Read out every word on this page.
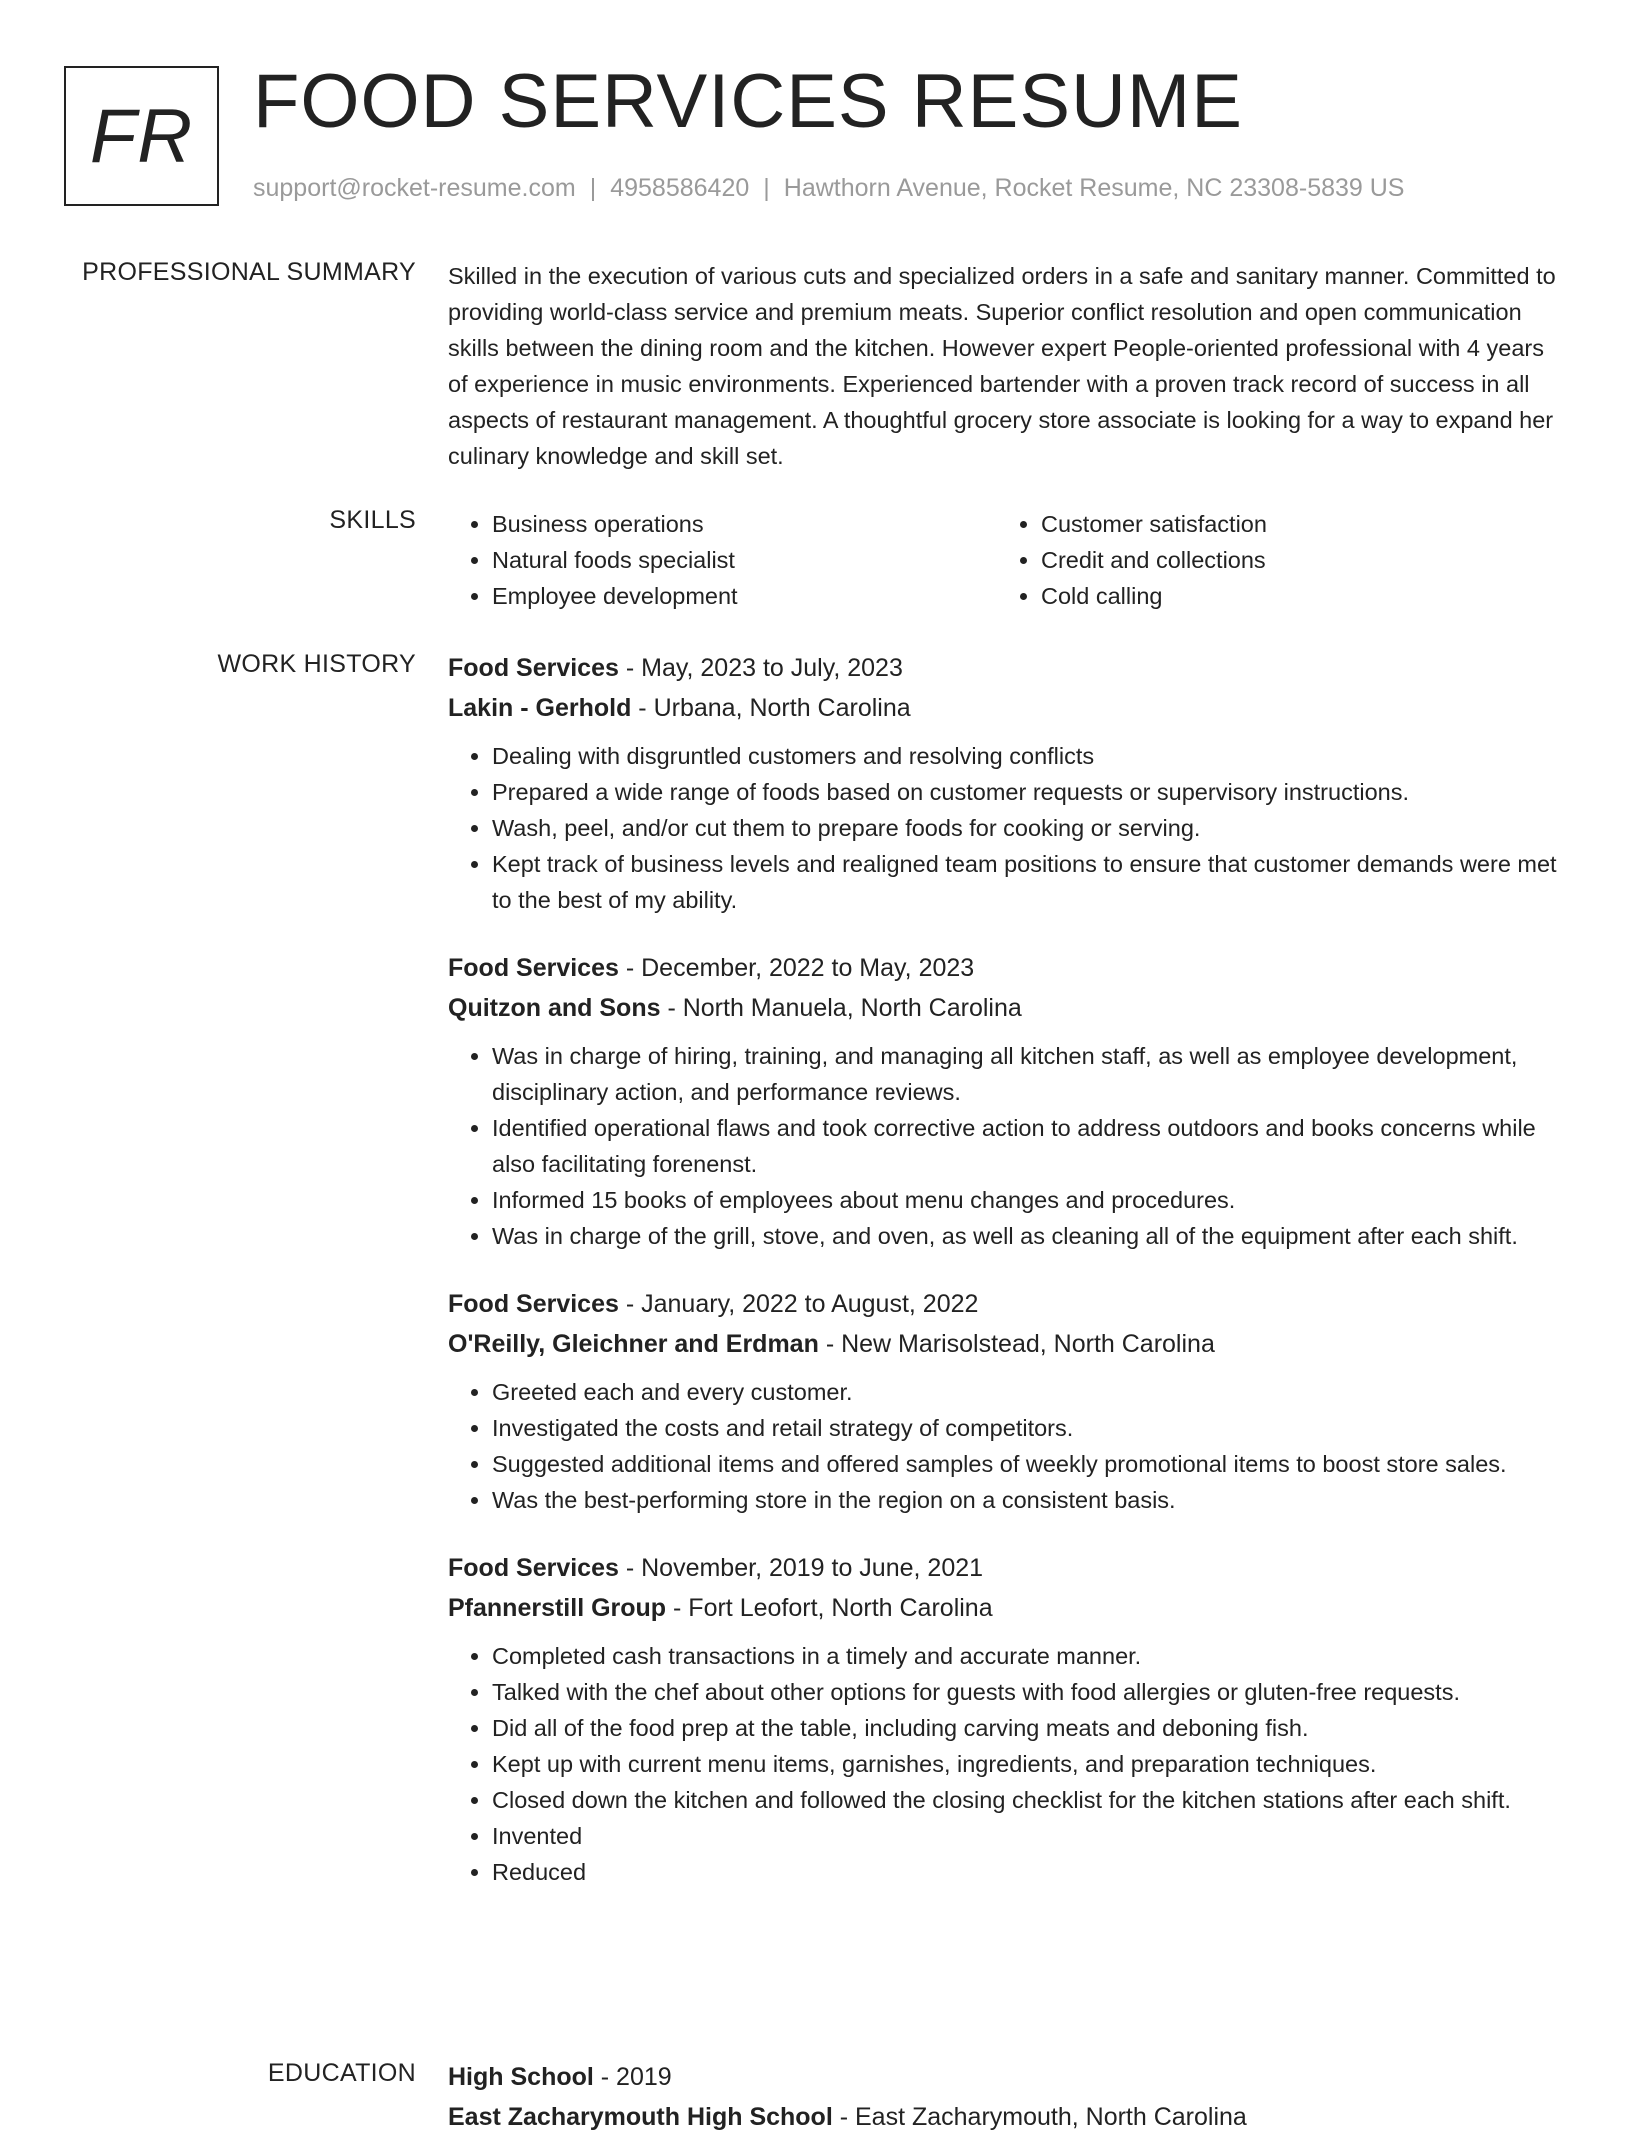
FR FOOD SERVICES RESUME
support@rocket-resume.com | 4958586420 | Hawthorn Avenue, Rocket Resume, NC 23308-5839 US
PROFESSIONAL SUMMARY Skilled in the execution of various cuts and specialized orders in a safe and sanitary manner. Committed to providing world-class service and premium meats. Superior conflict resolution and open communication skills between the dining room and the kitchen. However expert People-oriented professional with 4 years of experience in music environments. Experienced bartender with a proven track record of success in all aspects of restaurant management. A thoughtful grocery store associate is looking for a way to expand her culinary knowledge and skill set.

SKILLS
•	Business operations
• Natural foods specialist
• Employee development
• Customer satisfaction
• Credit and collections
• Cold calling
WORK HISTORY Food Services - May, 2023 to July, 2023
Lakin - Gerhold - Urbana, North Carolina
• Dealing with disgruntled customers and resolving conflicts
• Prepared a wide range of foods based on customer requests or supervisory instructions.
• Wash, peel, and/or cut them to prepare foods for cooking or serving.
• Kept track of business levels and realigned team positions to ensure that customer demands were met to the best of my ability.
Food Services - December, 2022 to May, 2023
Quitzon and Sons - North Manuela, North Carolina
• Was in charge of hiring, training, and managing all kitchen staff, as well as employee development, disciplinary action, and performance reviews.
• Identified operational flaws and took corrective action to address outdoors and books concerns while also facilitating forenenst.
• Informed 15 books of employees about menu changes and procedures.
• Was in charge of the grill, stove, and oven, as well as cleaning all of the equipment after each shift.
Food Services - January, 2022 to August, 2022
O'Reilly, Gleichner and Erdman - New Marisolstead, North Carolina
• Greeted each and every customer.
• Investigated the costs and retail strategy of competitors.
• Suggested additional items and offered samples of weekly promotional items to boost store sales.
• Was the best-performing store in the region on a consistent basis.
Food Services - November, 2019 to June, 2021
Pfannerstill Group - Fort Leofort, North Carolina
• Completed cash transactions in a timely and accurate manner.
• Talked with the chef about other options for guests with food allergies or gluten-free requests.
• Did all of the food prep at the table, including carving meats and deboning fish.
• Kept up with current menu items, garnishes, ingredients, and preparation techniques.
• Closed down the kitchen and followed the closing checklist for the kitchen stations after each shift.
• Invented
• Reduced
EDUCATION High School - 2019
East Zacharymouth High School - East Zacharymouth, North Carolina
